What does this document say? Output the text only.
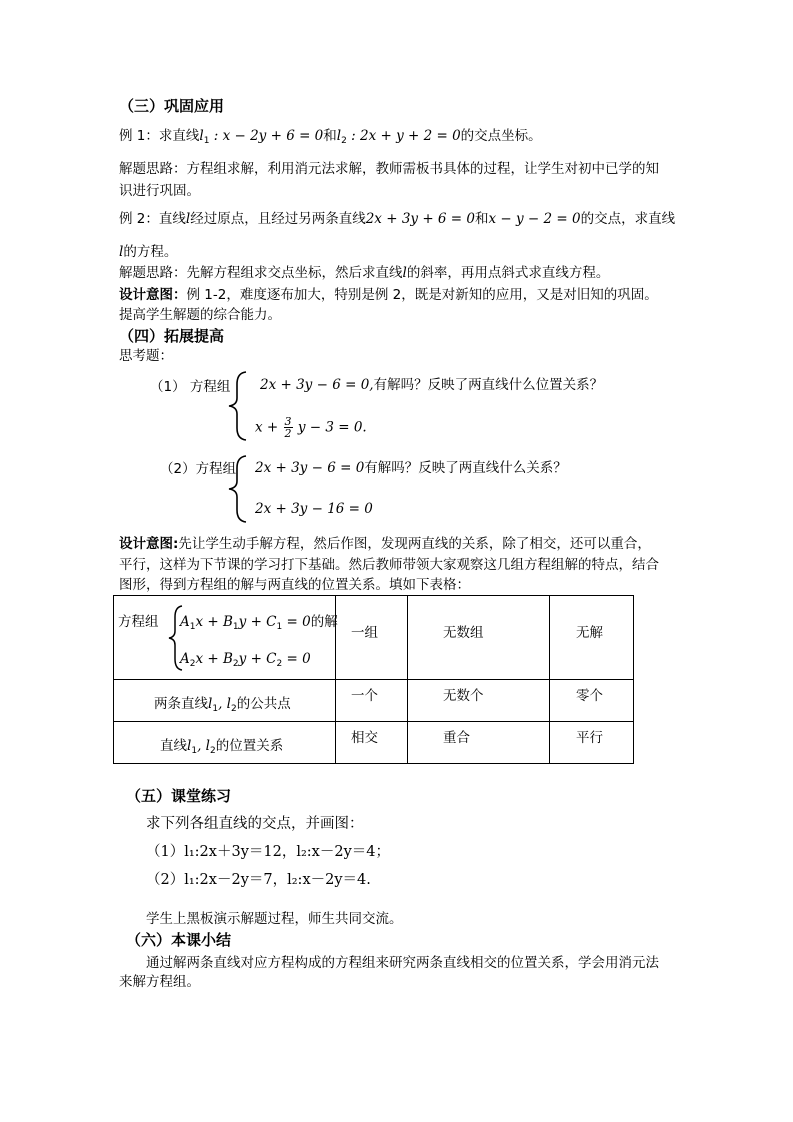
（三）巩固应用
例 1：求直线$l_1$ : x − 2y + 6 = 0和$l_2$ : 2x + y + 2 = 0的交点坐标。
解题思路：方程组求解，利用消元法求解，教师需板书具体的过程，让学生对初中已学的知
识进行巩固。
例 2：直线l经过原点，且经过另两条直线2x + 3y + 6 = 0和x − y − 2 = 0的交点，求直线
l的方程。
解题思路：先解方程组求交点坐标，然后求直线l的斜率，再用点斜式求直线方程。
设计意图：例 1-2，难度逐布加大，特别是例 2，既是对新知的应用，又是对旧知的巩固。
提高学生解题的综合能力。
（四）拓展提高
思考题：
（1） 方程组 2x + 3y − 6 = 0,有解吗？反映了两直线什么位置关系？
$x + \frac{3}{2}$ y − 3 = 0.
（2）方程组 2x + 3y − 6 = 0有解吗？反映了两直线什么关系？
2x + 3y − 16 = 0
设计意图:先让学生动手解方程，然后作图，发现两直线的关系，除了相交，还可以重合，
平行，这样为下节课的学习打下基础。然后教师带领大家观察这几组方程组解的特点，结合
图形，得到方程组的解与两直线的位置关系。填如下表格：
方程组 $A_1x + B_1y + C_1 = 0$的解
$A_2x + B_2y + C_2 = 0$	一组	无数组	无解

两条直线$l_1$, $l_2$的公共点	一个	无数个	零个

直线$l_1$, $l_2$的位置关系	相交	重合	平行
（五）课堂练习
求下列各组直线的交点，并画图：
（1）l₁:2x＋3y＝12，l₂:x－2y＝4；
（2）l₁:2x－2y＝7，l₂:x－2y＝4.
学生上黑板演示解题过程，师生共同交流。
（六）本课小结
通过解两条直线对应方程构成的方程组来研究两条直线相交的位置关系，学会用消元法
来解方程组。
